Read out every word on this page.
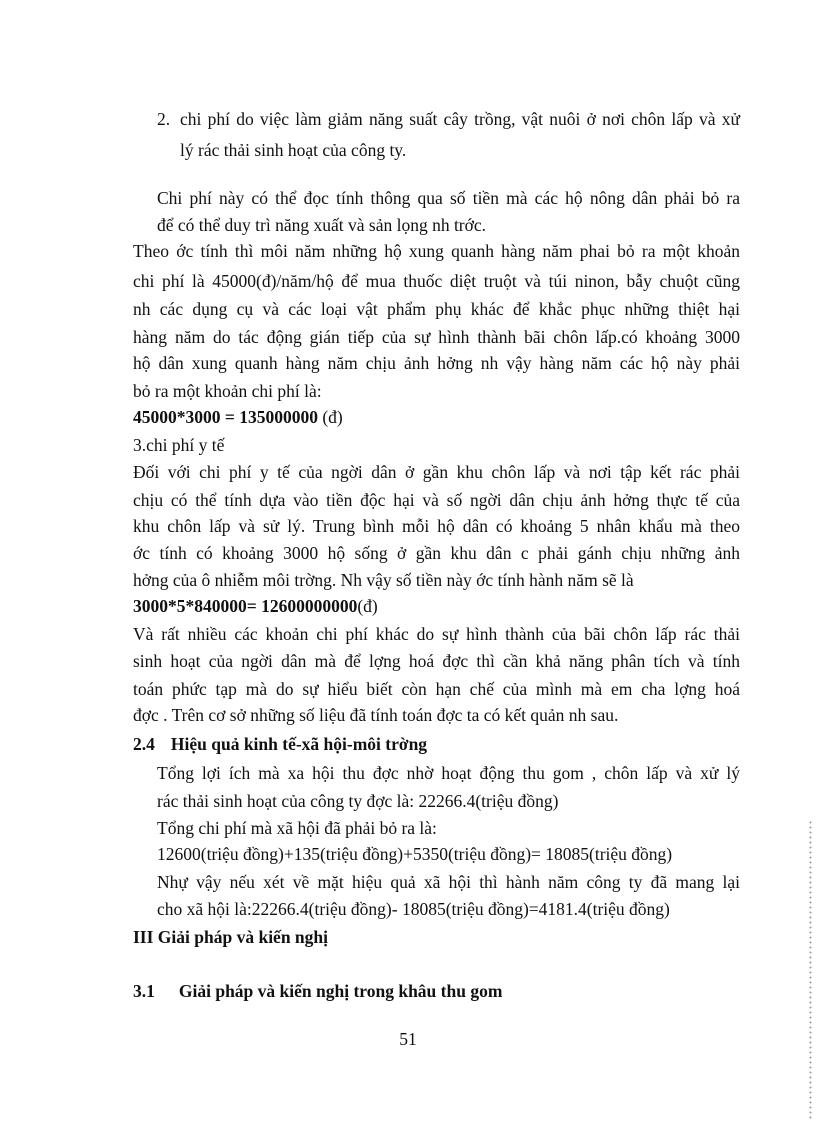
2. chi phí do việc làm giảm năng suất cây trồng, vật nuôi ở nơi chôn lấp và xử
lý rác thải sinh hoạt của công ty.
Chi phí này có thể đọc tính thông qua số tiền mà các hộ nông dân phải bỏ ra
để có thể duy trì năng xuất và sản lọng nh trớc.
Theo ớc tính thì môi năm những hộ xung quanh hàng năm phai bỏ ra một khoản
chi phí là 45000(đ)/năm/hộ để mua thuốc diệt truột và túi ninon, bẫy chuột cũng
nh các dụng cụ và các loại vật phẩm phụ khác để khắc phục những thiệt hại
hàng năm do tác động gián tiếp của sự hình thành bãi chôn lấp.có khoảng 3000
hộ dân xung quanh hàng năm chịu ảnh hởng nh vậy hàng năm các hộ này phải
bỏ ra một khoản chi phí là:
45000*3000 = 135000000 (đ)
3.chi phí y tế
Đối với chi phí y tế của ngời dân ở gần khu chôn lấp và nơi tập kết rác phải
chịu có thể tính dựa vào tiền độc hại và số ngời dân chịu ảnh hởng thực tế của
khu chôn lấp và sử lý. Trung bình mỗi hộ dân có khoảng 5 nhân khẩu mà theo
ớc tính có khoảng 3000 hộ sống ở gần khu dân c phải gánh chịu những ảnh
hởng của ô nhiễm môi trờng. Nh vậy số tiền này ớc tính hành năm sẽ là
3000*5*840000= 12600000000(đ)
Và rất nhiều các khoản chi phí khác do sự hình thành của bãi chôn lấp rác thải
sinh hoạt của ngời dân mà để lợng hoá đợc thì cần khả năng phân tích và tính
toán phức tạp mà do sự hiểu biết còn hạn chế của mình mà em cha lợng hoá
đợc . Trên cơ sở những số liệu đã tính toán đợc ta có kết quản nh sau.
2.4 Hiệu quả kinh tế-xã hội-môi trờng
Tổng lợi ích mà xa hội thu đợc nhờ hoạt động thu gom , chôn lấp và xử lý
rác thải sinh hoạt của công ty đợc là: 22266.4(triệu đồng)
Tổng chi phí mà xã hội đã phải bỏ ra là:
12600(triệu đồng)+135(triệu đồng)+5350(triệu đồng)= 18085(triệu đồng)
Nhự vậy nếu xét về mặt hiệu quả xã hội thì hành năm công ty đã mang lại
cho xã hội là:22266.4(triệu đồng)- 18085(triệu đồng)=4181.4(triệu đồng)
III Giải pháp và kiến nghị
3.1 Giải pháp và kiến nghị trong khâu thu gom
51
